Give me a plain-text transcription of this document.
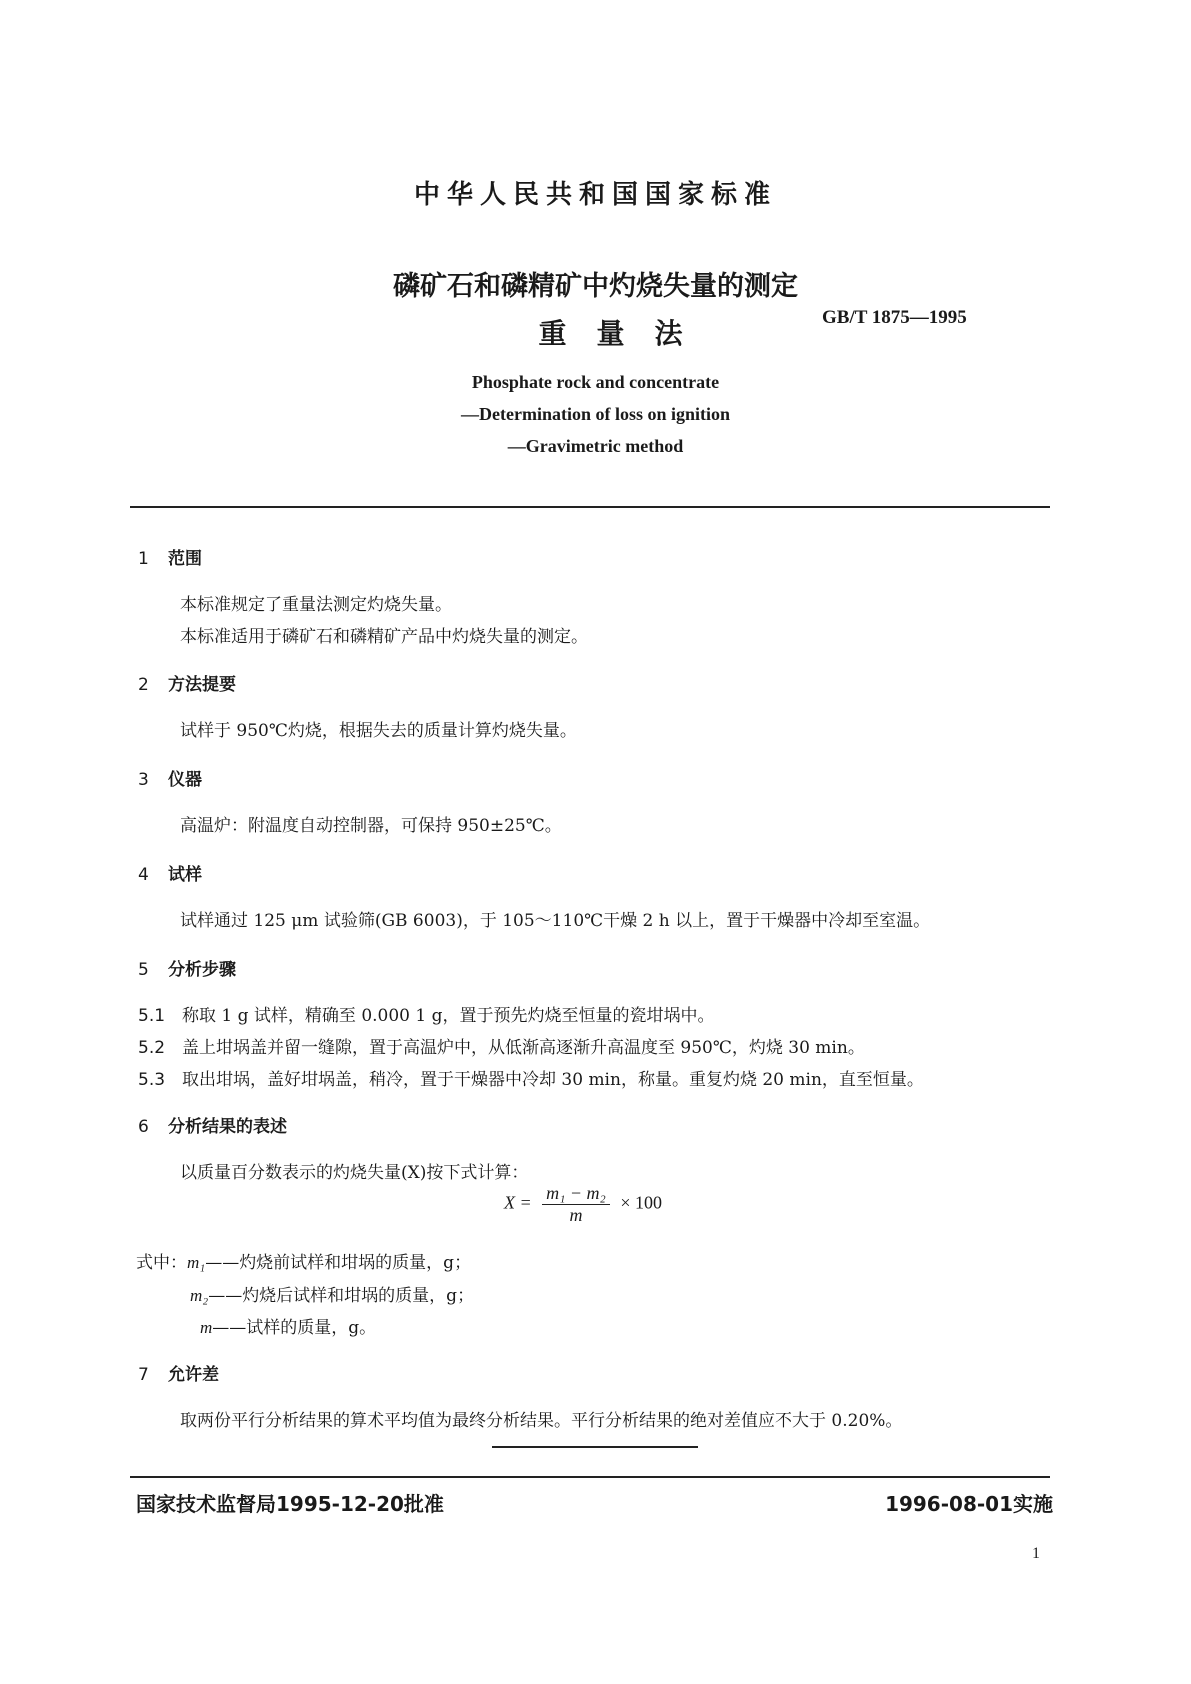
中华人民共和国国家标准
磷矿石和磷精矿中灼烧失量的测定
重量法	GB/T 1875—1995
Phosphate rock and concentrate
—Determination of loss on ignition
—Gravimetric method
1 范围
本标准规定了重量法测定灼烧失量。
本标准适用于磷矿石和磷精矿产品中灼烧失量的测定。
2 方法提要
试样于 950℃灼烧，根据失去的质量计算灼烧失量。
3 仪器
高温炉：附温度自动控制器，可保持 950±25℃。
4 试样
试样通过 125 μm 试验筛(GB 6003)，于 105～110℃干燥 2 h 以上，置于干燥器中冷却至室温。
5 分析步骤
5.1 称取 1 g 试样，精确至 0.000 1 g，置于预先灼烧至恒量的瓷坩埚中。
5.2 盖上坩埚盖并留一缝隙，置于高温炉中，从低渐高逐渐升高温度至 950℃，灼烧 30 min。
5.3 取出坩埚，盖好坩埚盖，稍冷，置于干燥器中冷却 30 min，称量。重复灼烧 20 min，直至恒量。
6 分析结果的表述
以质量百分数表示的灼烧失量(X)按下式计算：
$X = \frac{\text{m₁ − m₂}}{m} \times 100$
式中：m₁——灼烧前试样和坩埚的质量，g；
m₂——灼烧后试样和坩埚的质量，g；
m——试样的质量，g。
7 允许差
取两份平行分析结果的算术平均值为最终分析结果。平行分析结果的绝对差值应不大于 0.20%。
国家技术监督局1995-12-20批准	1996-08-01实施
1
